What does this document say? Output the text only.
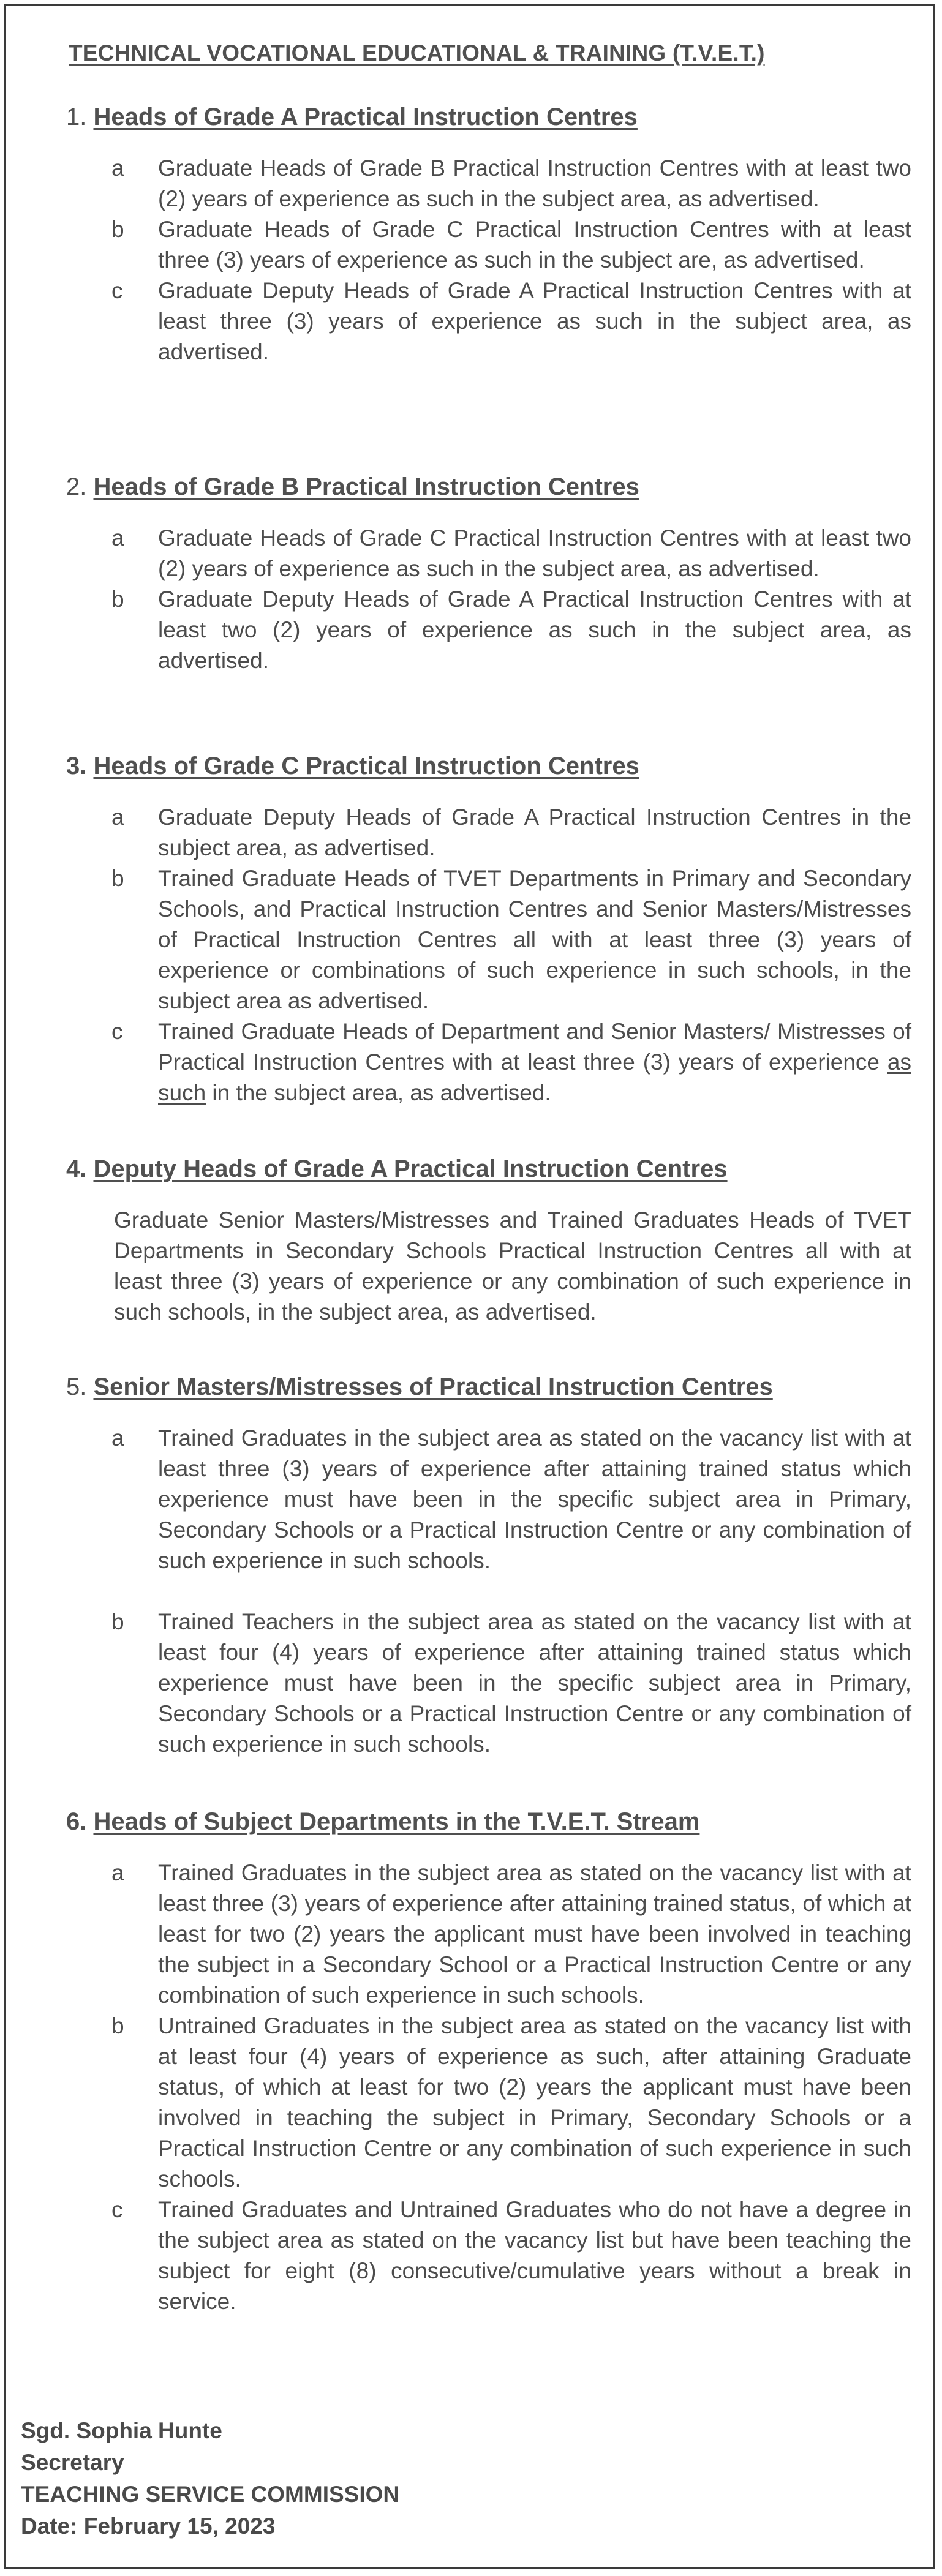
TECHNICAL VOCATIONAL EDUCATIONAL & TRAINING (T.V.E.T.)
1. Heads of Grade A Practical Instruction Centres
a Graduate Heads of Grade B Practical Instruction Centres with at least two (2) years of experience as such in the subject area, as advertised.
b Graduate Heads of Grade C Practical Instruction Centres with at least three (3) years of experience as such in the subject are, as advertised.
c Graduate Deputy Heads of Grade A Practical Instruction Centres with at least three (3) years of experience as such in the subject area, as advertised.
2. Heads of Grade B Practical Instruction Centres
a Graduate Heads of Grade C Practical Instruction Centres with at least two (2) years of experience as such in the subject area, as advertised.
b Graduate Deputy Heads of Grade A Practical Instruction Centres with at least two (2) years of experience as such in the subject area, as advertised.
3. Heads of Grade C Practical Instruction Centres
a Graduate Deputy Heads of Grade A Practical Instruction Centres in the subject area, as advertised.
b Trained Graduate Heads of TVET Departments in Primary and Secondary Schools, and Practical Instruction Centres and Senior Masters/Mistresses of Practical Instruction Centres all with at least three (3) years of experience or combinations of such experience in such schools, in the subject area as advertised.
c Trained Graduate Heads of Department and Senior Masters/ Mistresses of Practical Instruction Centres with at least three (3) years of experience as such in the subject area, as advertised.
4. Deputy Heads of Grade A Practical Instruction Centres
Graduate Senior Masters/Mistresses and Trained Graduates Heads of TVET Departments in Secondary Schools Practical Instruction Centres all with at least three (3) years of experience or any combination of such experience in such schools, in the subject area, as advertised.
5. Senior Masters/Mistresses of Practical Instruction Centres
a Trained Graduates in the subject area as stated on the vacancy list with at least three (3) years of experience after attaining trained status which experience must have been in the specific subject area in Primary, Secondary Schools or a Practical Instruction Centre or any combination of such experience in such schools.
b Trained Teachers in the subject area as stated on the vacancy list with at least four (4) years of experience after attaining trained status which experience must have been in the specific subject area in Primary, Secondary Schools or a Practical Instruction Centre or any combination of such experience in such schools.
6. Heads of Subject Departments in the T.V.E.T. Stream
a Trained Graduates in the subject area as stated on the vacancy list with at least three (3) years of experience after attaining trained status, of which at least for two (2) years the applicant must have been involved in teaching the subject in a Secondary School or a Practical Instruction Centre or any combination of such experience in such schools.
b Untrained Graduates in the subject area as stated on the vacancy list with at least four (4) years of experience as such, after attaining Graduate status, of which at least for two (2) years the applicant must have been involved in teaching the subject in Primary, Secondary Schools or a Practical Instruction Centre or any combination of such experience in such schools.
c Trained Graduates and Untrained Graduates who do not have a degree in the subject area as stated on the vacancy list but have been teaching the subject for eight (8) consecutive/cumulative years without a break in service.
Sgd. Sophia Hunte
Secretary
TEACHING SERVICE COMMISSION
Date: February 15, 2023
